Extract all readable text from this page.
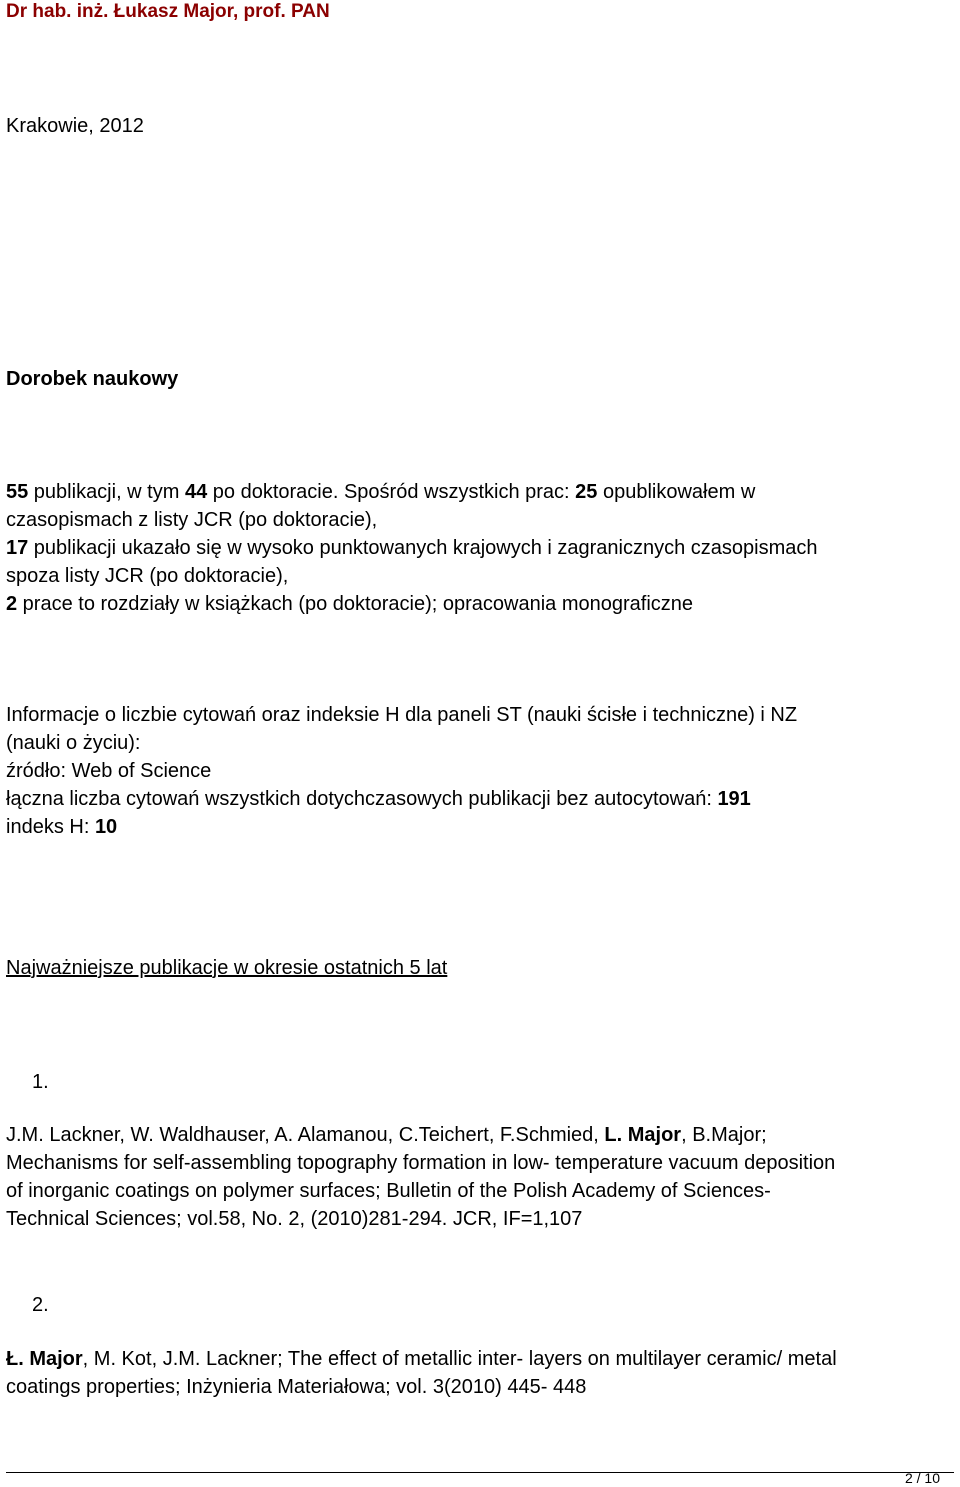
Dr hab. inż. Łukasz Major, prof. PAN
Krakowie, 2012
Dorobek naukowy
55 publikacji, w tym 44 po doktoracie. Spośród wszystkich prac: 25 opublikowałem w
czasopismach z listy JCR (po doktoracie),
17 publikacji ukazało się w wysoko punktowanych krajowych i zagranicznych czasopismach
spoza listy JCR (po doktoracie),
2 prace to rozdziały w książkach (po doktoracie); opracowania monograficzne
Informacje o liczbie cytowań oraz indeksie H dla paneli ST (nauki ścisłe i techniczne) i NZ
(nauki o życiu):
źródło: Web of Science
łączna liczba cytowań wszystkich dotychczasowych publikacji bez autocytowań: 191
indeks H: 10
Najważniejsze publikacje w okresie ostatnich 5 lat
1.
J.M. Lackner, W. Waldhauser, A. Alamanou, C.Teichert, F.Schmied, L. Major, B.Major;
Mechanisms for self-assembling topography formation in low- temperature vacuum deposition
of inorganic coatings on polymer surfaces; Bulletin of the Polish Academy of Sciences-
Technical Sciences; vol.58, No. 2, (2010)281-294. JCR, IF=1,107
2.
Ł. Major, M. Kot, J.M. Lackner; The effect of metallic inter- layers on multilayer ceramic/ metal
coatings properties; Inżynieria Materiałowa; vol. 3(2010) 445- 448
2 / 10
